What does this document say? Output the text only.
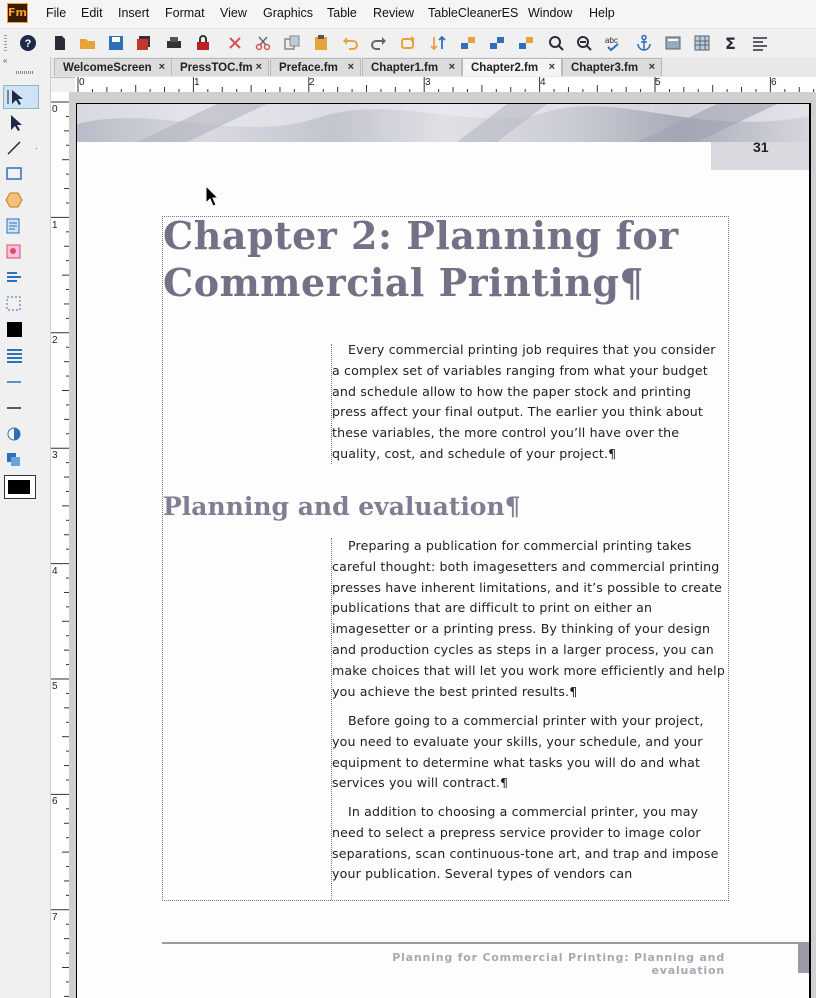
Fm File Edit Insert Format View Graphics Table Review TableCleanerES Window Help
?	abc	Σ
«
WelcomeScreen × PressTOC.fm × Preface.fm × Chapter1.fm × Chapter2.fm × Chapter3.fm ×
0	1	2	3	4	5	6
0
1
2
3
4
5
6
7
31
Chapter 2: Planning for Commercial Printing¶
Every commercial printing job requires that you consider a complex set of variables ranging from what your budget and schedule allow to how the paper stock and printing press affect your final output. The earlier you think about these variables, the more control you’ll have over the quality, cost, and schedule of your project.¶
Planning and evaluation¶
Preparing a publication for commercial printing takes careful thought: both imagesetters and commercial printing presses have inherent limitations, and it’s possible to create publications that are difficult to print on either an imagesetter or a printing press. By thinking of your design and production cycles as steps in a larger process, you can make choices that will let you work more efficiently and help you achieve the best printed results.¶
Before going to a commercial printer with your project, you need to evaluate your skills, your schedule, and your equipment to determine what tasks you will do and what services you will contract.¶
In addition to choosing a commercial printer, you may need to select a prepress service provider to image color separations, scan continuous-tone art, and trap and impose your publication. Several types of vendors can
Planning for Commercial Printing: Planning and evaluation
